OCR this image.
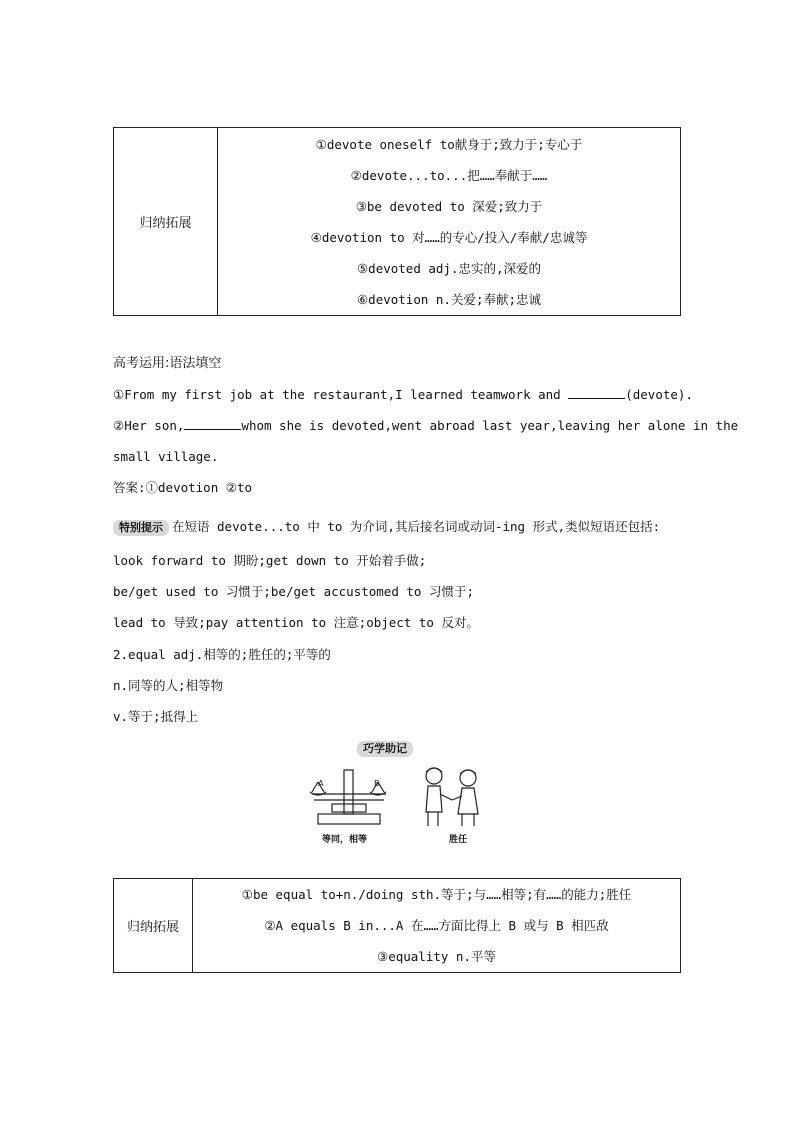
归纳拓展	
①devote oneself to献身于;致力于;专心于
②devote...to...把……奉献于……
③be devoted to 深爱;致力于
④devotion to 对……的专心/投入/奉献/忠诚等
⑤devoted adj.忠实的,深爱的
⑥devotion n.关爱;奉献;忠诚
高考运用:语法填空
①From my first job at the restaurant,I learned teamwork and	(devote).
②Her son,	whom she is devoted,went abroad last year,leaving her alone in the
small village.
答案:①devotion ②to
特别提示 在短语 devote...to 中 to 为介词,其后接名词或动词-ing 形式,类似短语还包括:
look forward to 期盼;get down to 开始着手做;
be/get used to 习惯于;be/get accustomed to 习惯于;
lead to 导致;pay attention to 注意;object to 反对。
2.equal adj.相等的;胜任的;平等的
n.同等的人;相等物
v.等于;抵得上
巧学助记
A	B
等同，相等	胜任
归纳拓展	
①be equal to+n./doing sth.等于;与……相等;有……的能力;胜任
②A equals B in...A 在……方面比得上 B 或与 B 相匹敌
③equality n.平等
